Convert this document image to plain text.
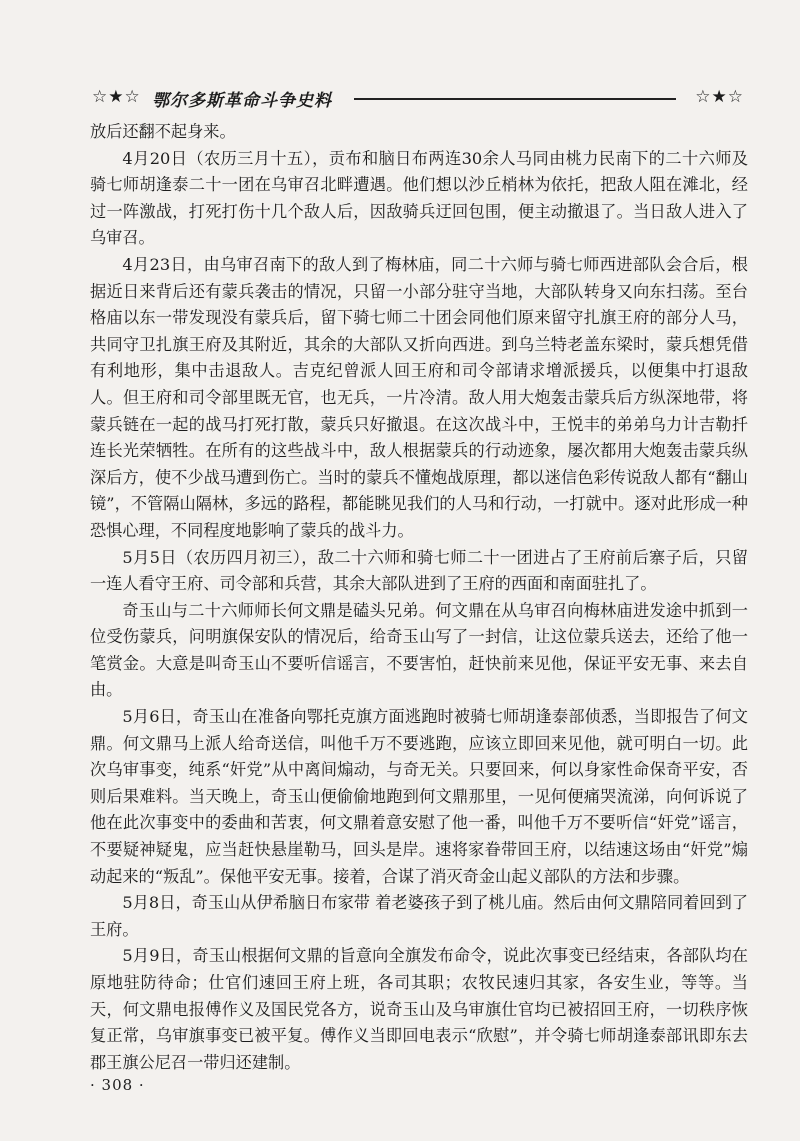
☆★☆ 鄂尔多斯革命斗争史料	☆★☆

放后还翻不起身来。

4月20日（农历三月十五），贡布和脑日布两连30余人马同由桃力民南下的二十六师及骑七师胡逢泰二十一团在乌审召北畔遭遇。他们想以沙丘梢林为依托，把敌人阻在滩北，经过一阵激战，打死打伤十几个敌人后，因敌骑兵迂回包围，便主动撤退了。当日敌人进入了乌审召。

4月23日，由乌审召南下的敌人到了梅林庙，同二十六师与骑七师西进部队会合后，根据近日来背后还有蒙兵袭击的情况，只留一小部分驻守当地，大部队转身又向东扫荡。至台格庙以东一带发现没有蒙兵后，留下骑七师二十团会同他们原来留守扎旗王府的部分人马，共同守卫扎旗王府及其附近，其余的大部队又折向西进。到乌兰特老盖东梁时，蒙兵想凭借有利地形，集中击退敌人。吉克纪曾派人回王府和司令部请求增派援兵，以便集中打退敌人。但王府和司令部里既无官，也无兵，一片冷清。敌人用大炮轰击蒙兵后方纵深地带，将蒙兵链在一起的战马打死打散，蒙兵只好撤退。在这次战斗中，王悦丰的弟弟乌力计吉勒扦连长光荣牺牲。在所有的这些战斗中，敌人根据蒙兵的行动迹象，屡次都用大炮轰击蒙兵纵深后方，使不少战马遭到伤亡。当时的蒙兵不懂炮战原理，都以迷信色彩传说敌人都有“翻山镜”，不管隔山隔林，多远的路程，都能眺见我们的人马和行动，一打就中。逐对此形成一种恐惧心理，不同程度地影响了蒙兵的战斗力。

5月5日（农历四月初三），敌二十六师和骑七师二十一团进占了王府前后寨子后，只留一连人看守王府、司令部和兵营，其余大部队进到了王府的西面和南面驻扎了。

奇玉山与二十六师师长何文鼎是磕头兄弟。何文鼎在从乌审召向梅林庙进发途中抓到一位受伤蒙兵，问明旗保安队的情况后，给奇玉山写了一封信，让这位蒙兵送去，还给了他一笔赏金。大意是叫奇玉山不要听信谣言，不要害怕，赶快前来见他，保证平安无事、来去自由。

5月6日，奇玉山在准备向鄂托克旗方面逃跑时被骑七师胡逢泰部侦悉，当即报告了何文鼎。何文鼎马上派人给奇送信，叫他千万不要逃跑，应该立即回来见他，就可明白一切。此次乌审事变，纯系“奸党”从中离间煽动，与奇无关。只要回来，何以身家性命保奇平安，否则后果难料。当天晚上，奇玉山便偷偷地跑到何文鼎那里，一见何便痛哭流涕，向何诉说了他在此次事变中的委曲和苦衷，何文鼎着意安慰了他一番，叫他千万不要听信“奸党”谣言，不要疑神疑鬼，应当赶快悬崖勒马，回头是岸。速将家眷带回王府，以结速这场由“奸党”煽动起来的“叛乱”。保他平安无事。接着，合谋了消灭奇金山起义部队的方法和步骤。

5月8日，奇玉山从伊希脑日布家带 着老婆孩子到了桃儿庙。然后由何文鼎陪同着回到了王府。

5月9日，奇玉山根据何文鼎的旨意向全旗发布命令，说此次事变已经结束，各部队均在原地驻防待命；仕官们速回王府上班，各司其职；农牧民速归其家，各安生业，等等。当天，何文鼎电报傅作义及国民党各方，说奇玉山及乌审旗仕官均已被招回王府，一切秩序恢复正常，乌审旗事变已被平复。傅作义当即回电表示“欣慰”，并令骑七师胡逢泰部讯即东去郡王旗公尼召一带归还建制。

· 308 ·
